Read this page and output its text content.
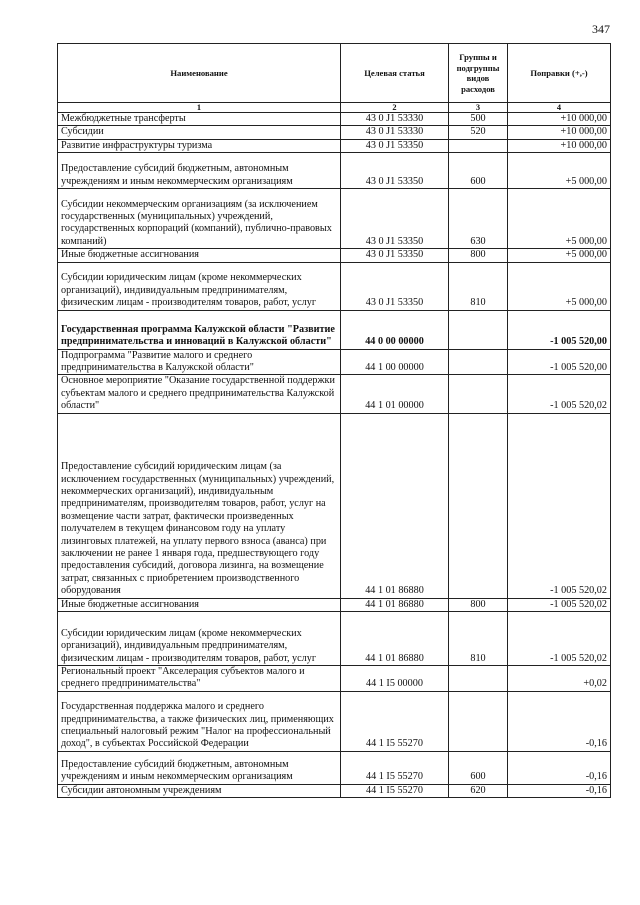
347
Наименование	Целевая статья	Группы и подгруппы видов расходов	Поправки (+,-)
1	2	3	4
Межбюджетные трансферты	43 0 J1 53330	500	+10 000,00
Субсидии	43 0 J1 53330	520	+10 000,00
Развитие инфраструктуры туризма	43 0 J1 53350		+10 000,00
Предоставление субсидий бюджетным, автономным учреждениям и иным некоммерческим организациям	43 0 J1 53350	600	+5 000,00
Субсидии некоммерческим организациям (за исключением государственных (муниципальных) учреждений, государственных корпораций (компаний), публично-правовых компаний)	43 0 J1 53350	630	+5 000,00
Иные бюджетные ассигнования	43 0 J1 53350	800	+5 000,00
Субсидии юридическим лицам (кроме некоммерческих организаций), индивидуальным предпринимателям, физическим лицам - производителям товаров, работ, услуг	43 0 J1 53350	810	+5 000,00
Государственная программа Калужской области "Развитие предпринимательства и инноваций в Калужской области"	44 0 00 00000		-1 005 520,00
Подпрограмма "Развитие малого и среднего предпринимательства в Калужской области"	44 1 00 00000		-1 005 520,00
Основное мероприятие "Оказание государственной поддержки субъектам малого и среднего предпринимательства Калужской области"	44 1 01 00000		-1 005 520,02
Предоставление субсидий юридическим лицам (за исключением государственных (муниципальных) учреждений, некоммерческих организаций), индивидуальным предпринимателям, производителям товаров, работ, услуг на возмещение части затрат, фактически произведенных получателем в текущем финансовом году на уплату лизинговых платежей, на уплату первого взноса (аванса) при заключении не ранее 1 января года, предшествующего году предоставления субсидий, договора лизинга, на возмещение затрат, связанных с приобретением производственного оборудования	44 1 01 86880		-1 005 520,02
Иные бюджетные ассигнования	44 1 01 86880	800	-1 005 520,02
Субсидии юридическим лицам (кроме некоммерческих организаций), индивидуальным предпринимателям, физическим лицам - производителям товаров, работ, услуг	44 1 01 86880	810	-1 005 520,02
Региональный проект "Акселерация субъектов малого и среднего предпринимательства"	44 1 I5 00000		+0,02
Государственная поддержка малого и среднего предпринимательства, а также физических лиц, применяющих специальный налоговый режим "Налог на профессиональный доход", в субъектах Российской Федерации	44 1 I5 55270		-0,16
Предоставление субсидий бюджетным, автономным учреждениям и иным некоммерческим организациям	44 1 I5 55270	600	-0,16
Субсидии автономным учреждениям	44 1 I5 55270	620	-0,16
